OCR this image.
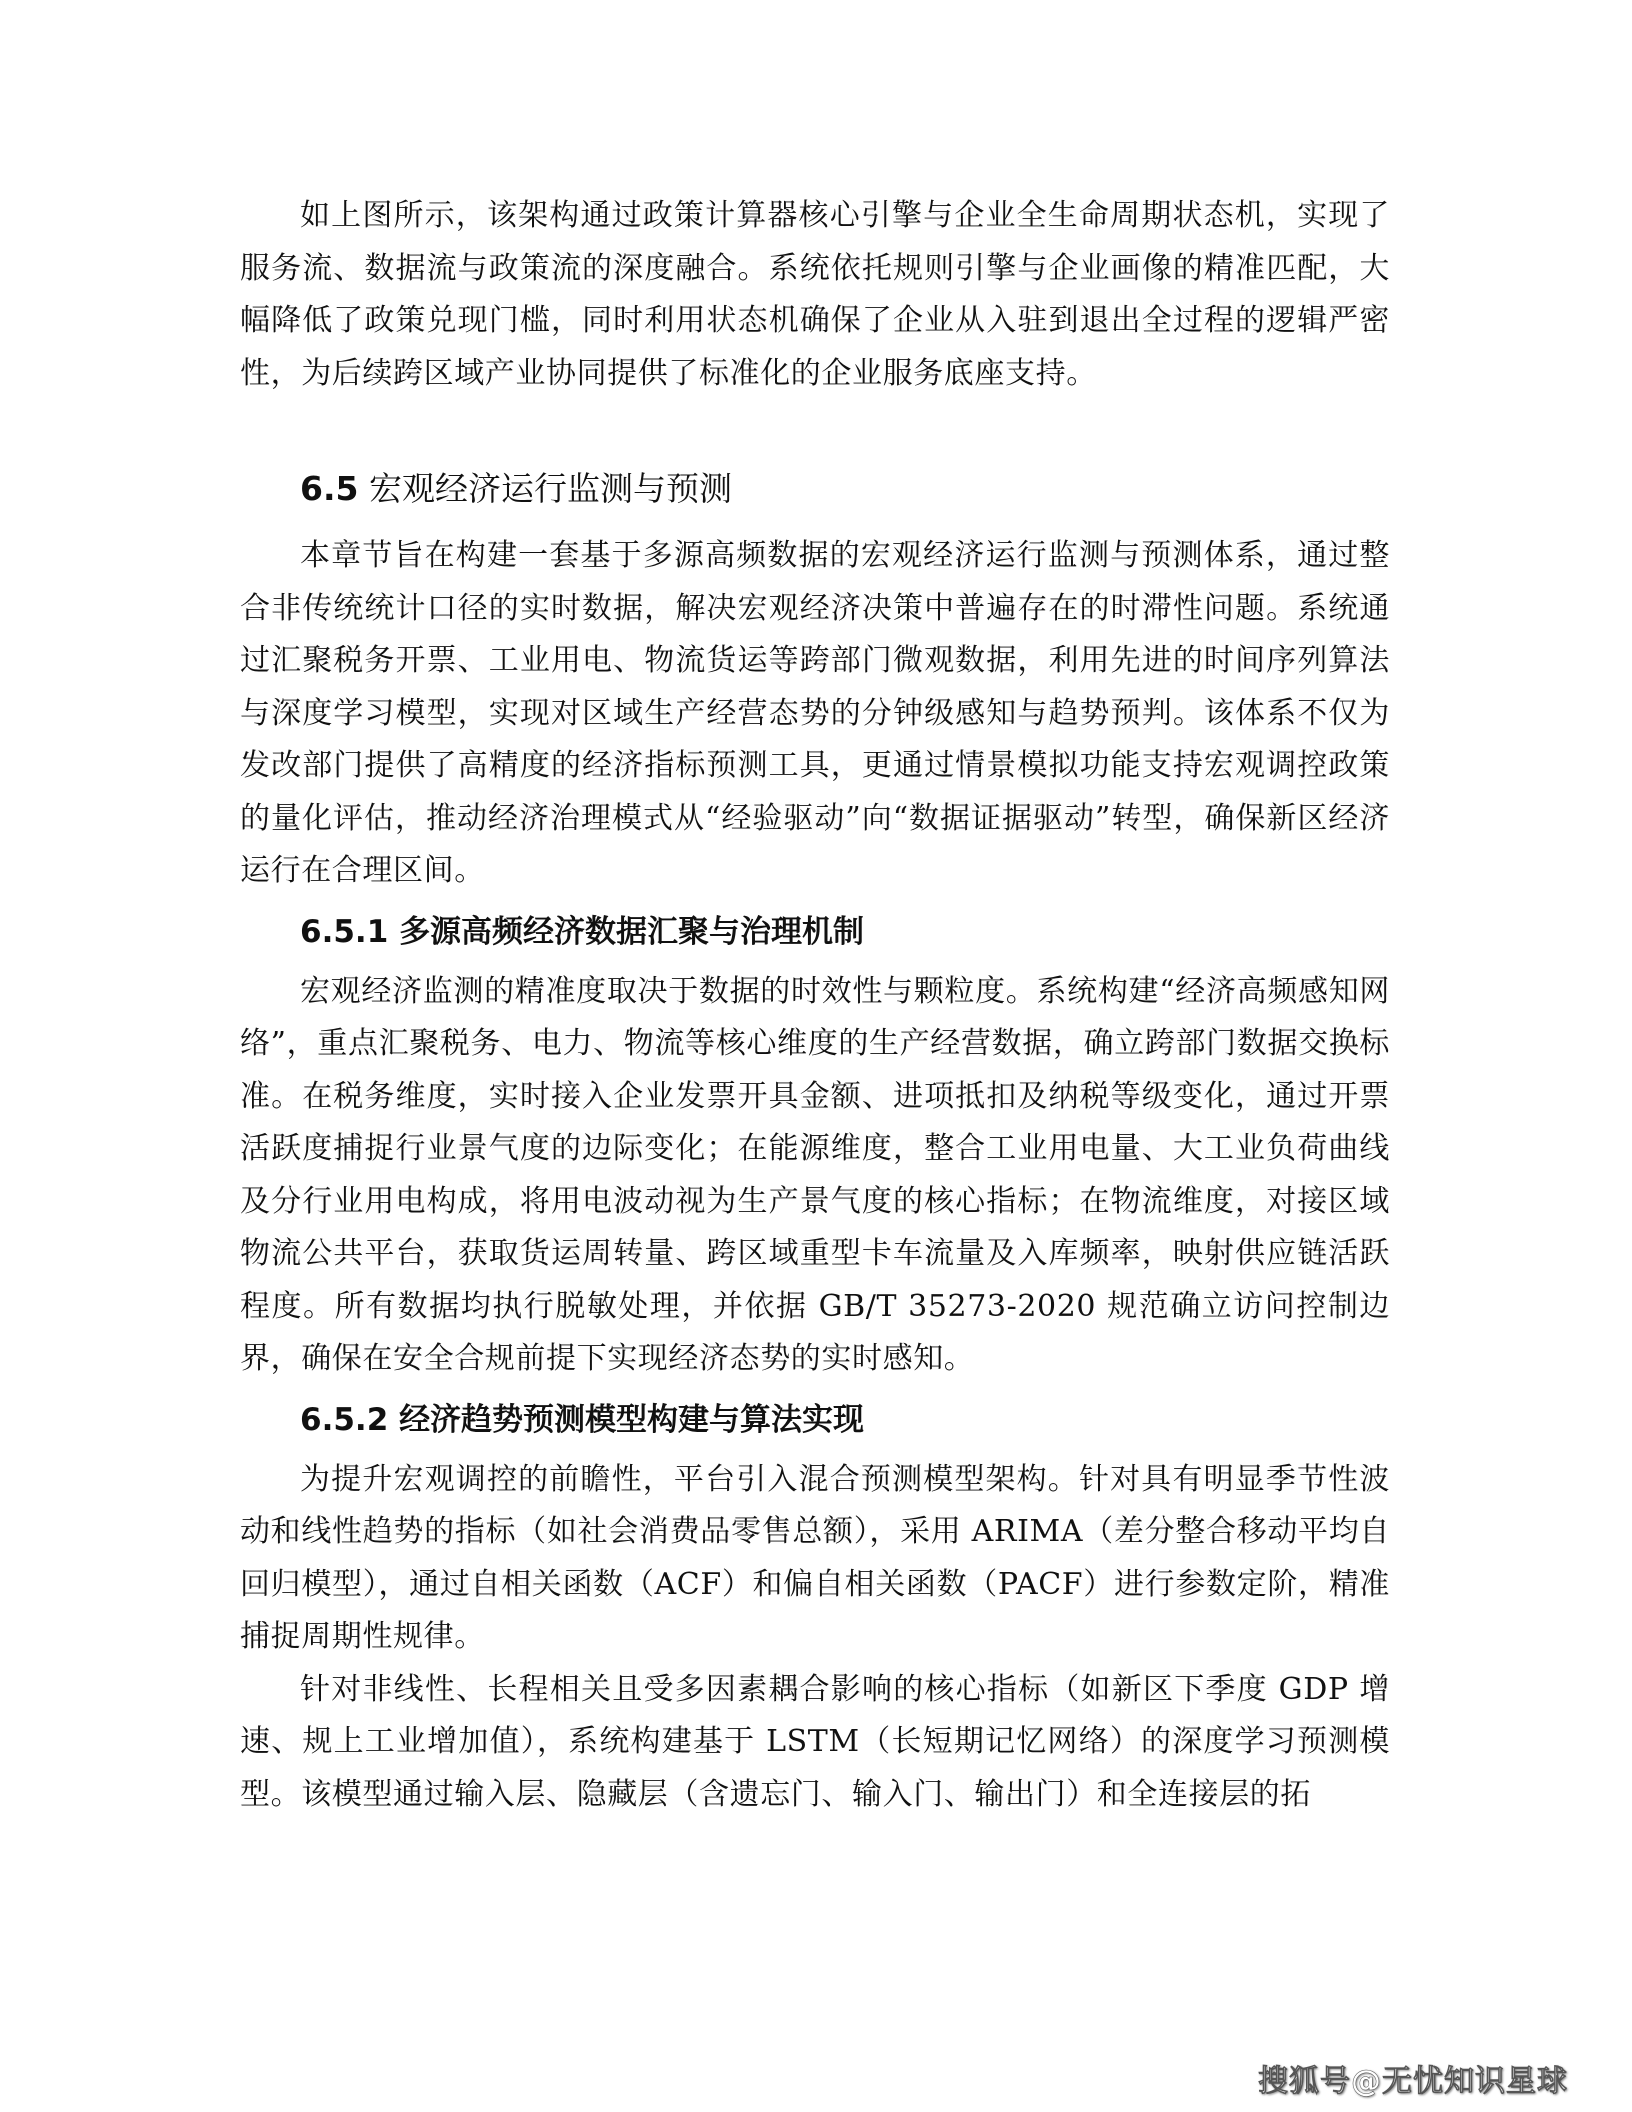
如上图所示，该架构通过政策计算器核心引擎与企业全生命周期状态机，实现了服务流、数据流与政策流的深度融合。系统依托规则引擎与企业画像的精准匹配，大幅降低了政策兑现门槛，同时利用状态机确保了企业从入驻到退出全过程的逻辑严密性，为后续跨区域产业协同提供了标准化的企业服务底座支持。

6.5 宏观经济运行监测与预测

本章节旨在构建一套基于多源高频数据的宏观经济运行监测与预测体系，通过整合非传统统计口径的实时数据，解决宏观经济决策中普遍存在的时滞性问题。系统通过汇聚税务开票、工业用电、物流货运等跨部门微观数据，利用先进的时间序列算法与深度学习模型，实现对区域生产经营态势的分钟级感知与趋势预判。该体系不仅为发改部门提供了高精度的经济指标预测工具，更通过情景模拟功能支持宏观调控政策的量化评估，推动经济治理模式从“经验驱动”向“数据证据驱动”转型，确保新区经济运行在合理区间。

6.5.1 多源高频经济数据汇聚与治理机制

宏观经济监测的精准度取决于数据的时效性与颗粒度。系统构建“经济高频感知网络”，重点汇聚税务、电力、物流等核心维度的生产经营数据，确立跨部门数据交换标准。在税务维度，实时接入企业发票开具金额、进项抵扣及纳税等级变化，通过开票活跃度捕捉行业景气度的边际变化；在能源维度，整合工业用电量、大工业负荷曲线及分行业用电构成，将用电波动视为生产景气度的核心指标；在物流维度，对接区域物流公共平台，获取货运周转量、跨区域重型卡车流量及入库频率，映射供应链活跃程度。所有数据均执行脱敏处理，并依据 GB/T 35273-2020 规范确立访问控制边界，确保在安全合规前提下实现经济态势的实时感知。

6.5.2 经济趋势预测模型构建与算法实现

为提升宏观调控的前瞻性，平台引入混合预测模型架构。针对具有明显季节性波动和线性趋势的指标（如社会消费品零售总额），采用 ARIMA（差分整合移动平均自回归模型），通过自相关函数（ACF）和偏自相关函数（PACF）进行参数定阶，精准捕捉周期性规律。

针对非线性、长程相关且受多因素耦合影响的核心指标（如新区下季度 GDP 增速、规上工业增加值），系统构建基于 LSTM（长短期记忆网络）的深度学习预测模型。该模型通过输入层、隐藏层（含遗忘门、输入门、输出门）和全连接层的拓

搜狐号@无忧知识星球
